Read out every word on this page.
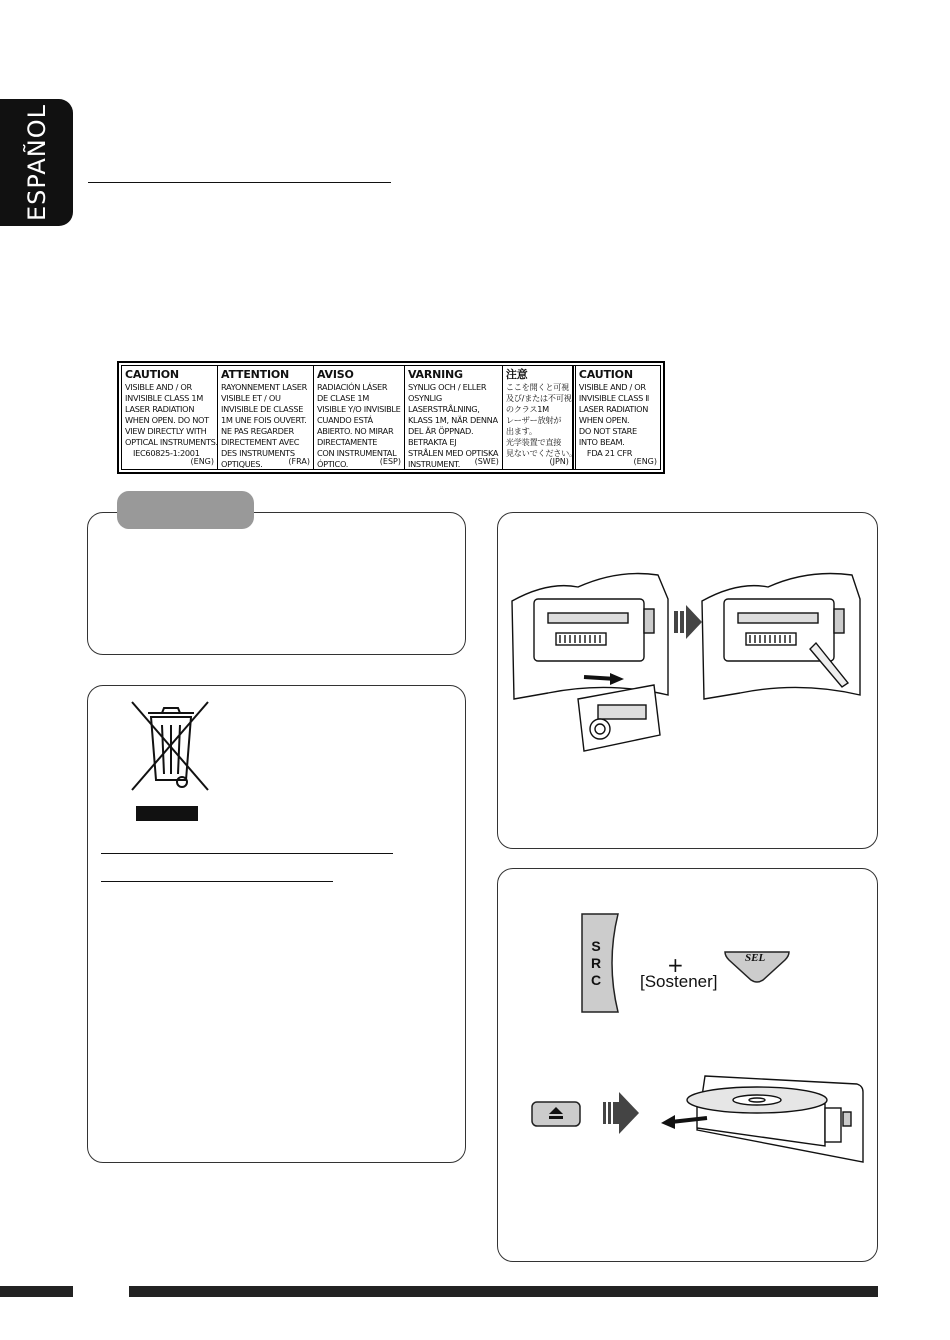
ESPAÑOL
CAUTION
VISIBLE AND / OR
INVISIBLE CLASS 1M
LASER RADIATION
WHEN OPEN. DO NOT
VIEW DIRECTLY WITH
OPTICAL INSTRUMENTS.
IEC60825-1:2001
(ENG)
ATTENTION
RAYONNEMENT LASER
VISIBLE ET / OU
INVISIBLE DE CLASSE
1M UNE FOIS OUVERT.
NE PAS REGARDER
DIRECTEMENT AVEC
DES INSTRUMENTS
OPTIQUES.	(FRA)
AVISO
RADIACIÓN LÁSER
DE CLASE 1M
VISIBLE Y/O INVISIBLE
CUANDO ESTÁ
ABIERTO. NO MIRAR
DIRECTAMENTE
CON INSTRUMENTAL
ÓPTICO.	(ESP)
VARNING
SYNLIG OCH / ELLER
OSYNLIG
LASERSTRÅLNING,
KLASS 1M, NÄR DENNA
DEL ÄR ÖPPNAD.
BETRAKTA EJ
STRÅLEN MED OPTISKA
INSTRUMENT.	(SWE)
注意
ここを開くと可視
及び/または不可視
のクラス1M
レーザー放射が
出ます。
光学装置で直接
見ないでください。
(JPN)
CAUTION
VISIBLE AND / OR
INVISIBLE CLASS Ⅱ
LASER RADIATION
WHEN OPEN.
DO NOT STARE
INTO BEAM.
FDA 21 CFR
(ENG)
S
R
C
+
[Sostener]
SEL
